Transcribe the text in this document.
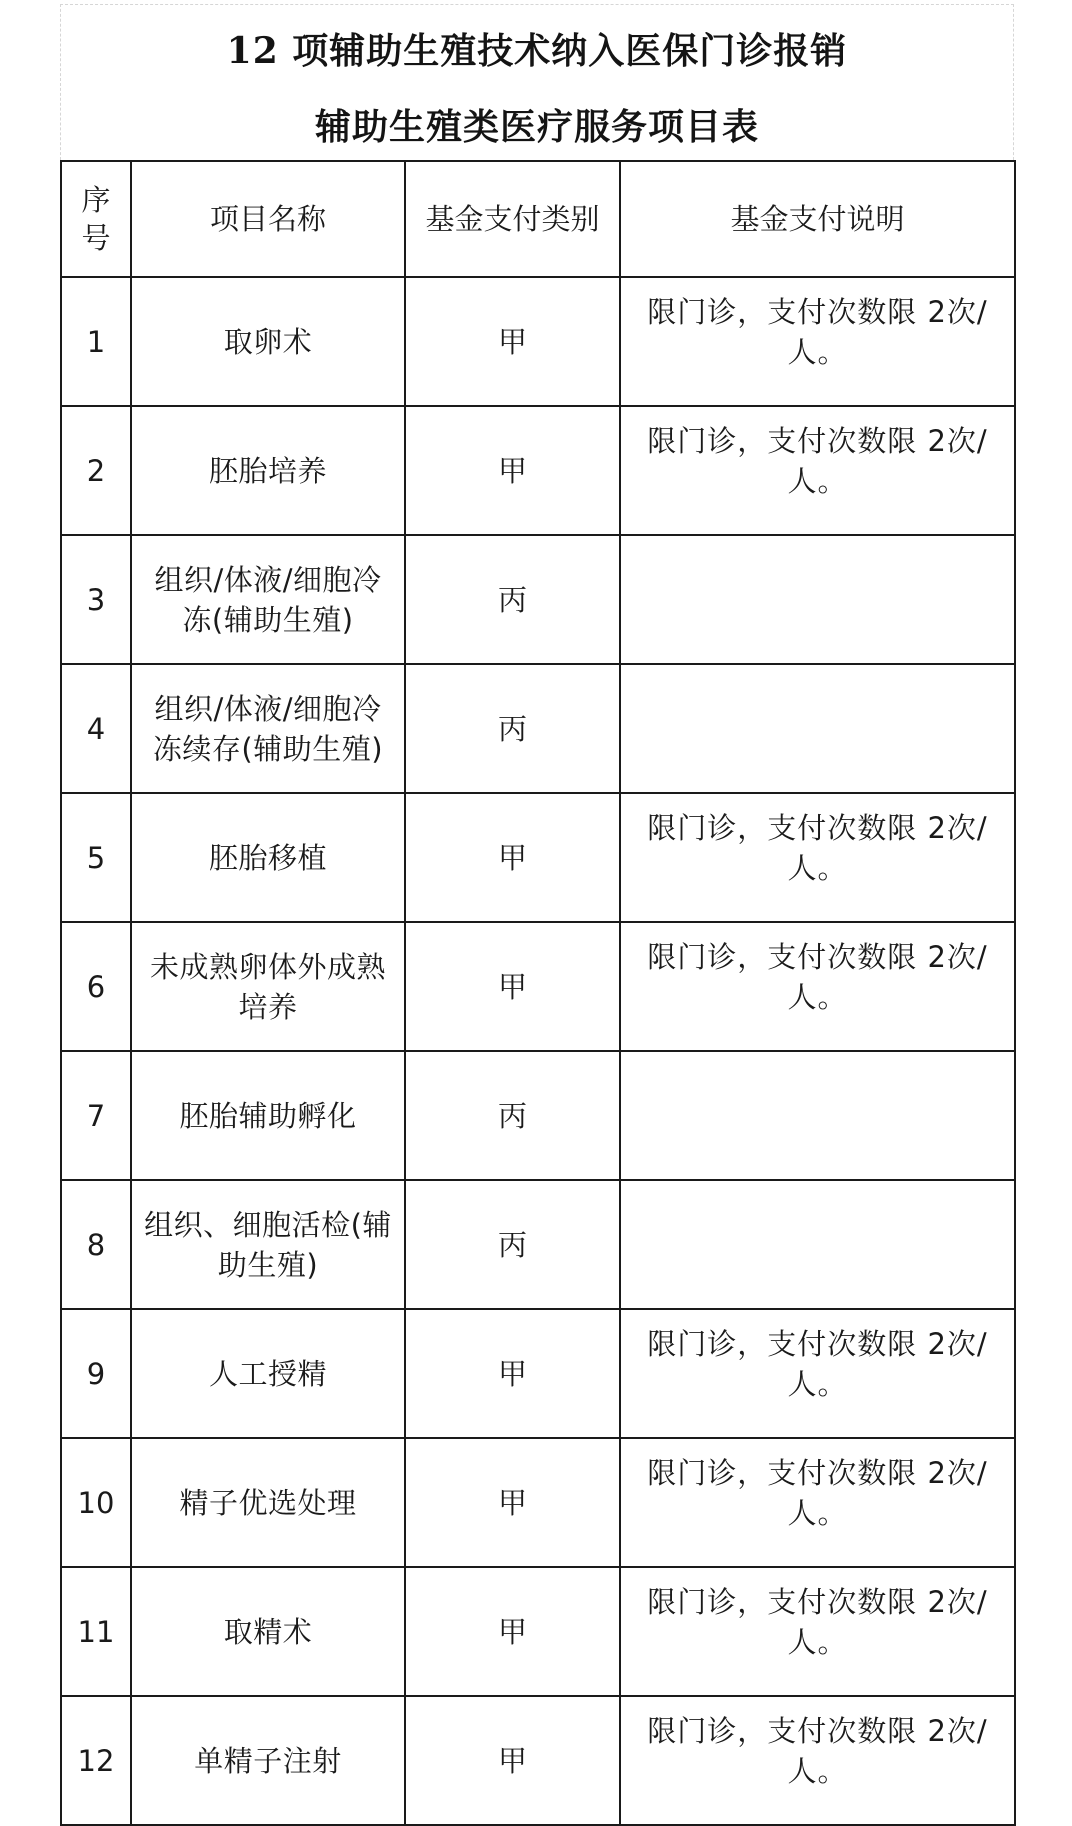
12 项辅助生殖技术纳入医保门诊报销
辅助生殖类医疗服务项目表
序号	项目名称	基金支付类别	基金支付说明
1	取卵术	甲	限门诊，支付次数限 2次/人。
2	胚胎培养	甲	限门诊，支付次数限 2次/人。
3	组织/体液/细胞冷冻(辅助生殖)	丙	
4	组织/体液/细胞冷冻续存(辅助生殖)	丙	
5	胚胎移植	甲	限门诊，支付次数限 2次/人。
6	未成熟卵体外成熟培养	甲	限门诊，支付次数限 2次/人。
7	胚胎辅助孵化	丙	
8	组织、细胞活检(辅助生殖)	丙	
9	人工授精	甲	限门诊，支付次数限 2次/人。
10	精子优选处理	甲	限门诊，支付次数限 2次/人。
11	取精术	甲	限门诊，支付次数限 2次/人。
12	单精子注射	甲	限门诊，支付次数限 2次/人。
